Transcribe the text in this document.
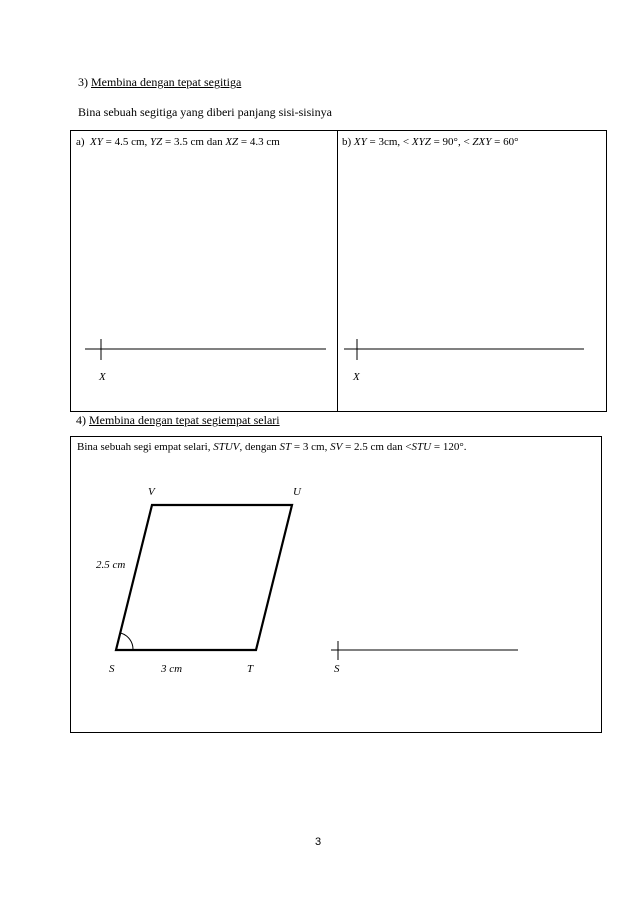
3) Membina dengan tepat segitiga
Bina sebuah segitiga yang diberi panjang sisi-sisinya
a) XY = 4.5 cm, YZ = 3.5 cm dan XZ = 4.3 cm	b) XY = 3cm, < XYZ = 90°, < ZXY = 60°
X	X
4) Membina dengan tepat segiempat selari
Bina sebuah segi empat selari, STUV, dengan ST = 3 cm, SV = 2.5 cm dan <STU = 120°.
V	U
2.5 cm
S	3 cm	T	S
3
